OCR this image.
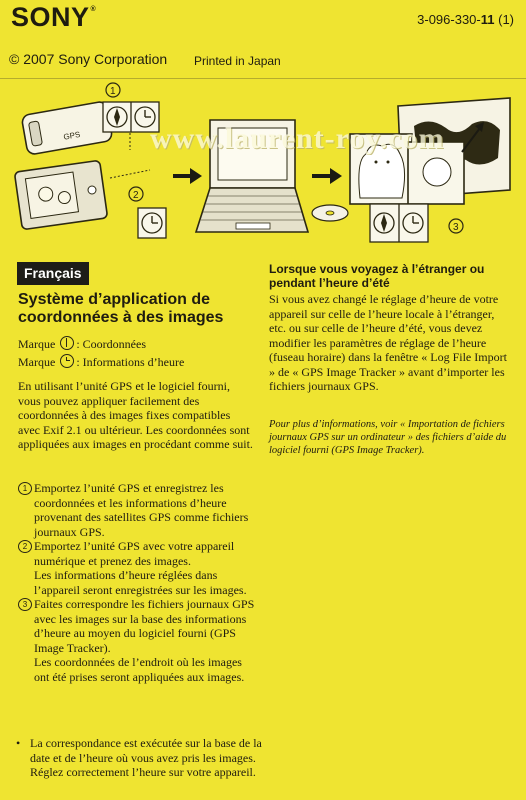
SONY®
3-096-330-11 (1)
© 2007 Sony Corporation Printed in Japan
GPS
1
2
3
www.laurent-roy.com
Français
Système d’application de coordonnées à des images
Marque : Coordonnées
Marque : Informations d’heure
En utilisant l’unité GPS et le logiciel fourni, vous pouvez appliquer facilement des coordonnées à des images fixes compatibles avec Exif 2.1 ou ultérieur. Les coordonnées sont appliquées aux images en procédant comme suit.
1 Emportez l’unité GPS et enregistrez les coordonnées et les informations d’heure provenant des satellites GPS comme fichiers journaux GPS.
2 Emportez l’unité GPS avec votre appareil numérique et prenez des images.
Les informations d’heure réglées dans l’appareil seront enregistrées sur les images.
3 Faites correspondre les fichiers journaux GPS avec les images sur la base des informations d’heure au moyen du logiciel fourni (GPS Image Tracker).
Les coordonnées de l’endroit où les images ont été prises seront appliquées aux images.
• La correspondance est exécutée sur la base de la date et de l’heure où vous avez pris les images. Réglez correctement l’heure sur votre appareil.
Lorsque vous voyagez à l’étranger ou pendant l’heure d’été
Si vous avez changé le réglage d’heure de votre appareil sur celle de l’heure locale à l’étranger, etc. ou sur celle de l’heure d’été, vous devez modifier les paramètres de réglage de l’heure (fuseau horaire) dans la fenêtre « Log File Import » de « GPS Image Tracker » avant d’importer les fichiers journaux GPS.
Pour plus d’informations, voir « Importation de fichiers journaux GPS sur un ordinateur » des fichiers d’aide du logiciel fourni (GPS Image Tracker).
